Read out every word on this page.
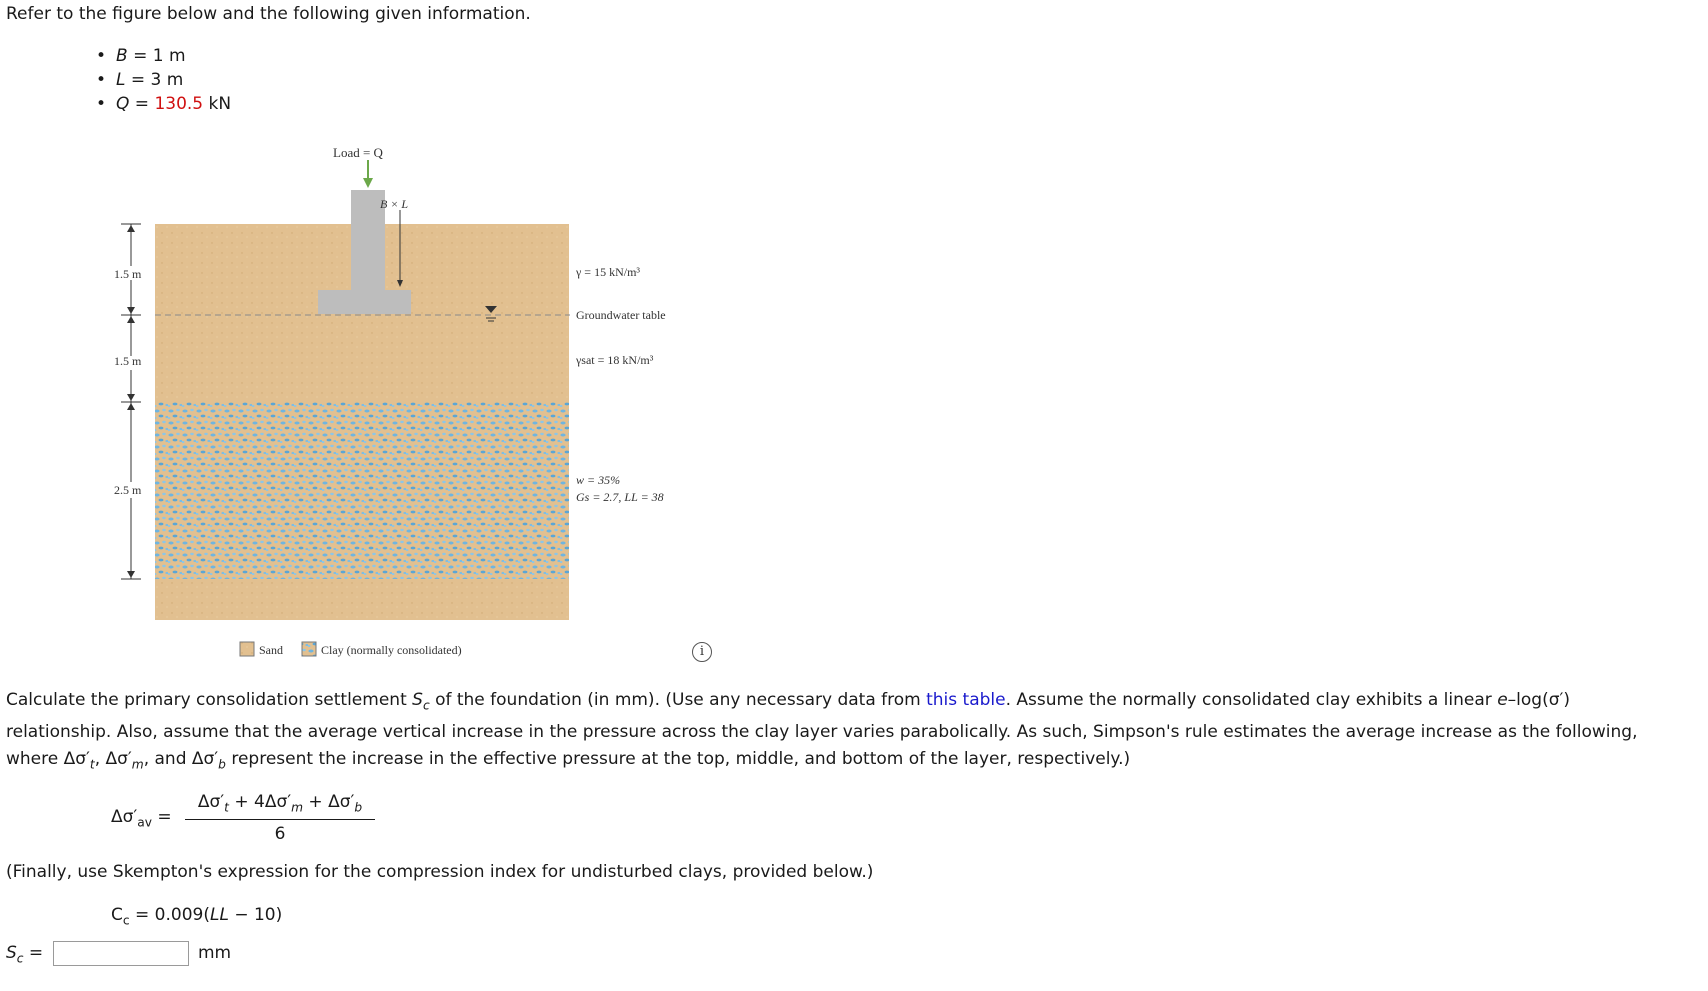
Refer to the figure below and the following given information.
• B = 1 m
• L = 3 m
• Q = 130.5 kN
Load = Q
B × L
1.5 m
1.5 m
2.5 m
γ = 15 kN/m³
Groundwater table
γsat = 18 kN/m³
w = 35%
Gs = 2.7, LL = 38
Sand	Clay (normally consolidated)	i
Calculate the primary consolidation settlement $S_c$ of the foundation (in mm). (Use any necessary data from this table. Assume the normally consolidated clay exhibits a linear e–log(σ′)
relationship. Also, assume that the average vertical increase in the pressure across the clay layer varies parabolically. As such, Simpson's rule estimates the average increase as the following,
where $\Delta\sigma'_t$, $\Delta\sigma'_m$, and $\Delta\sigma'_b$ represent the increase in the effective pressure at the top, middle, and bottom of the layer, respectively.)
$\Delta\sigma'_{av}$ =
$\Delta\sigma'_t + 4\Delta\sigma'_m + \Delta\sigma'_b$
6
(Finally, use Skempton's expression for the compression index for undisturbed clays, provided below.)
$C_c = 0.009(LL - 10)$
$S_c$ =	mm
